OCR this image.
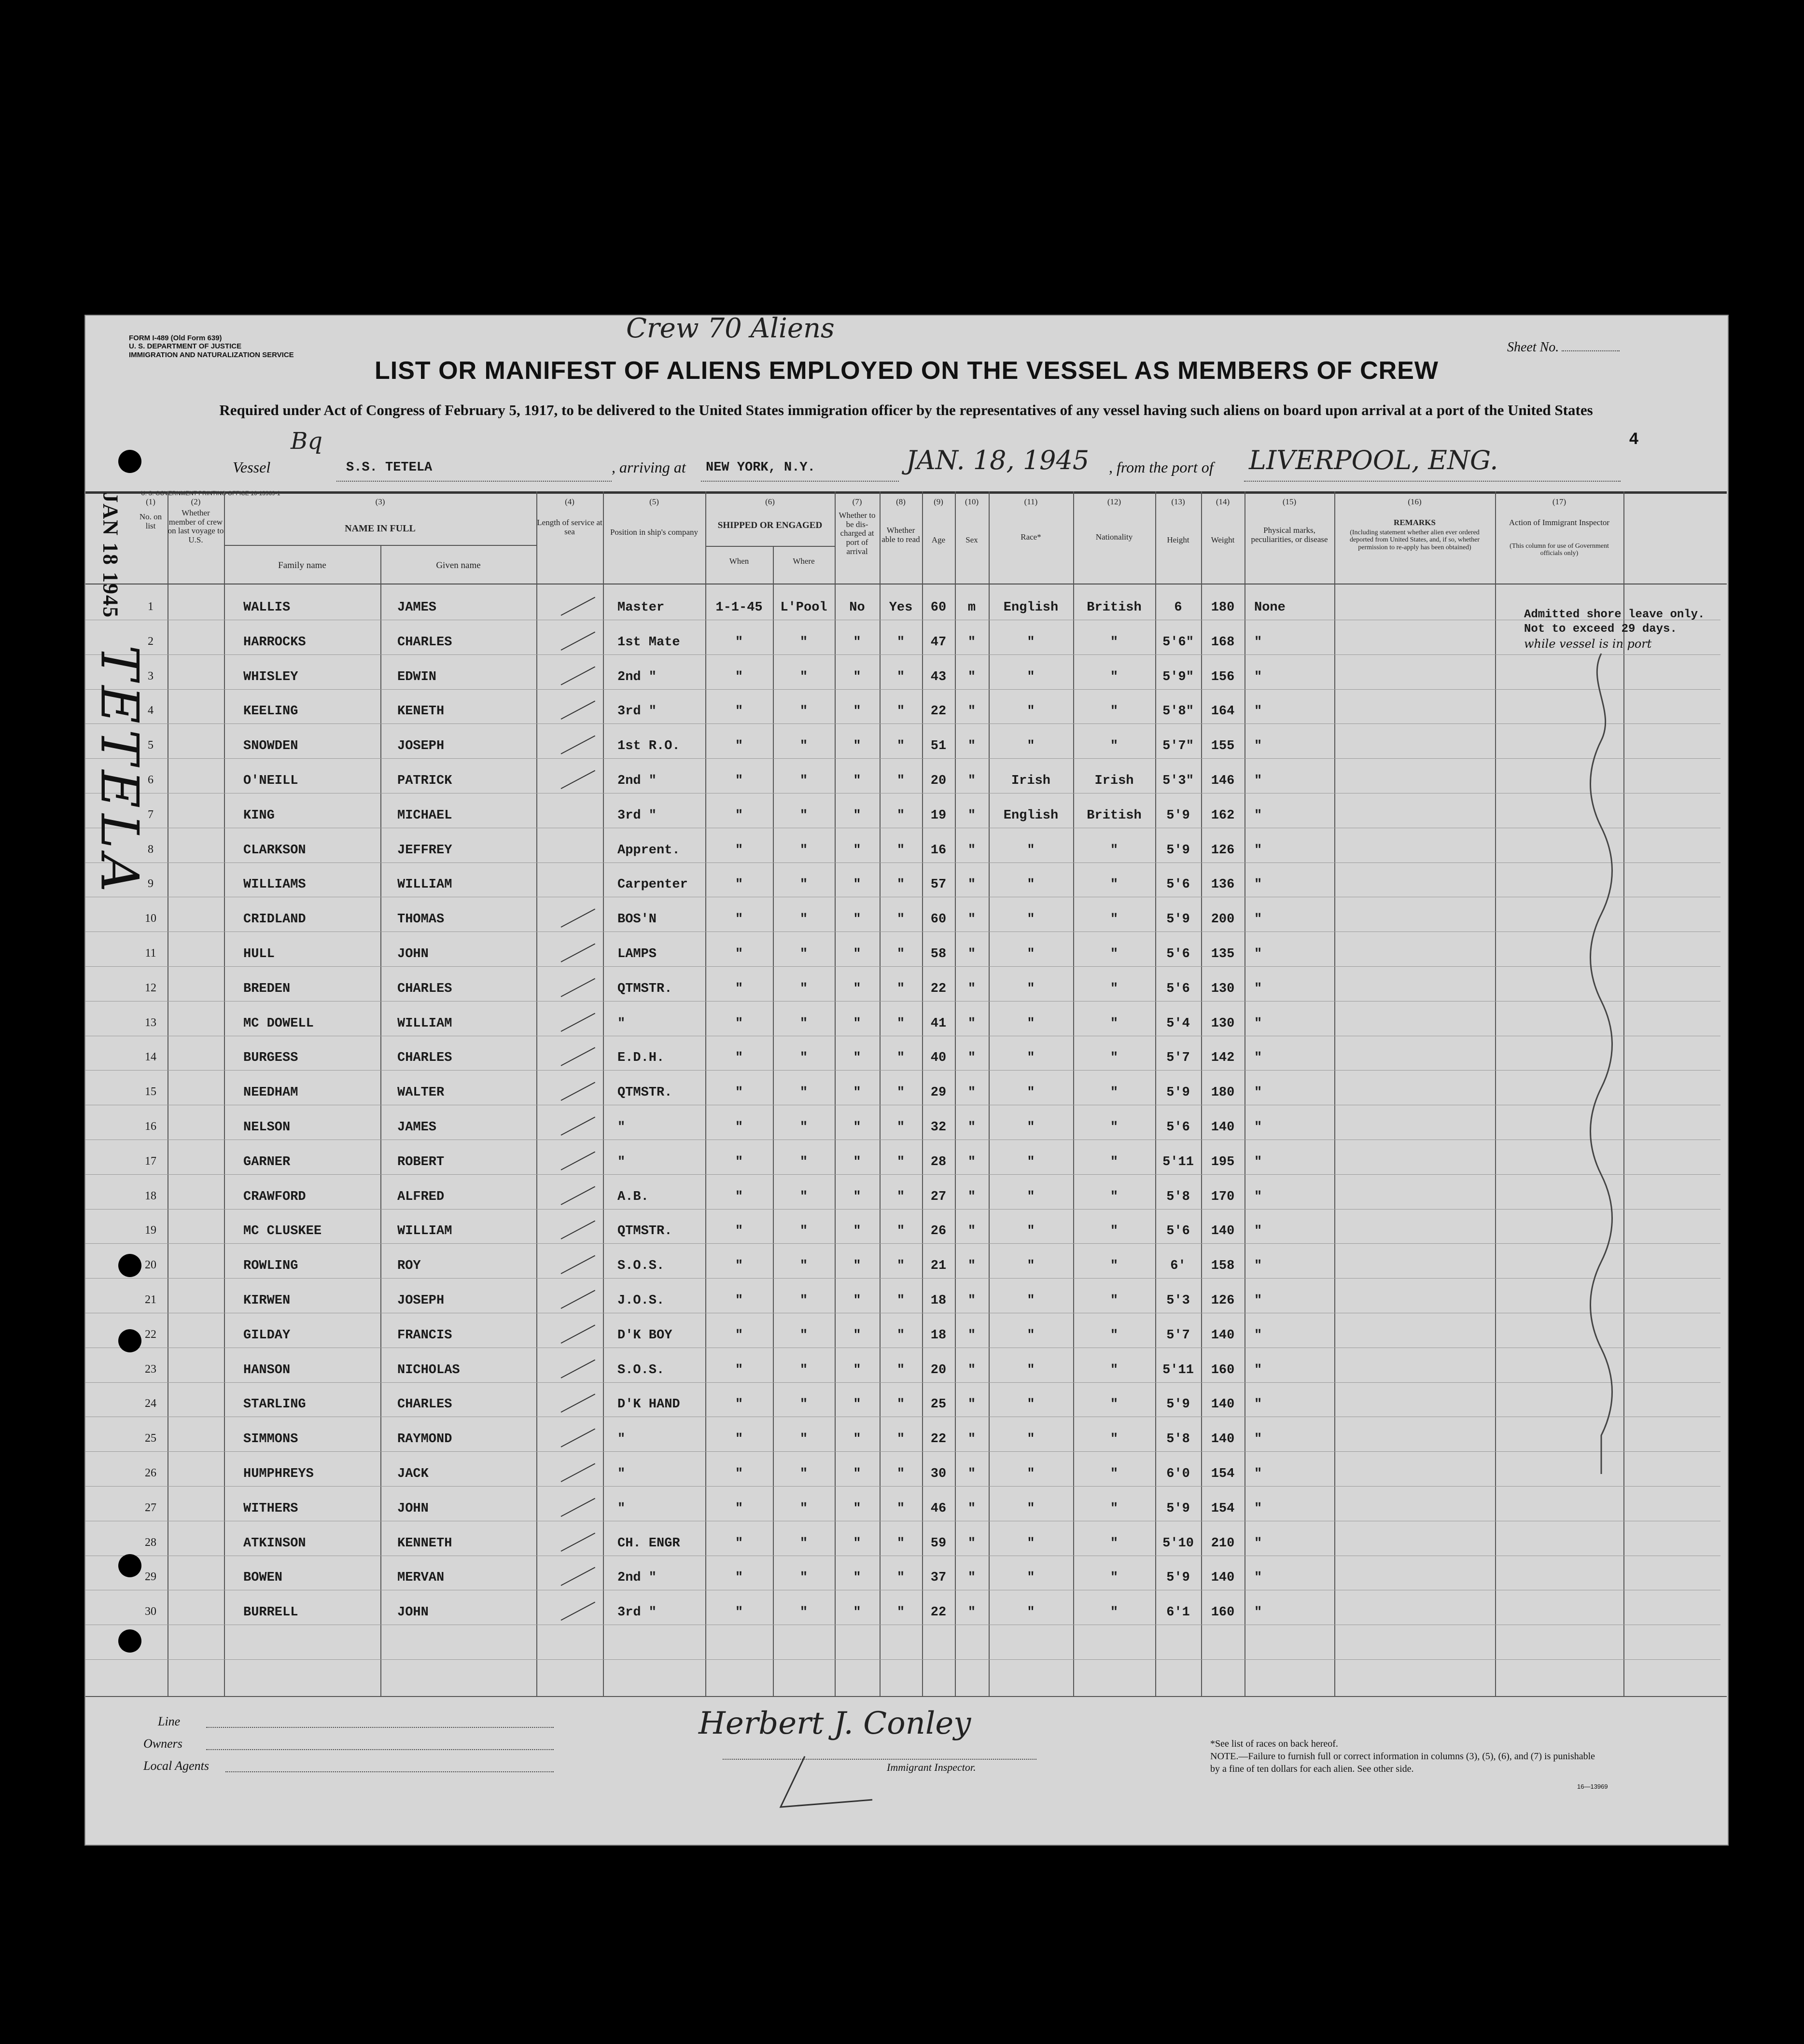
FORM I-489 (Old Form 639)
U. S. DEPARTMENT OF JUSTICE
IMMIGRATION AND NATURALIZATION SERVICE
Crew 70 Aliens
Sheet No.
LIST OR MANIFEST OF ALIENS EMPLOYED ON THE VESSEL AS MEMBERS OF CREW
Required under Act of Congress of February 5, 1917, to be delivered to the United States immigration officer by the representatives of any vessel having such aliens on board upon arrival at a port of the United States
Bq	4
Vessel	S.S. TETELA	, arriving at NEW YORK, N.Y.	JAN. 18, 1945 , from the port of LIVERPOOL, ENG.
(1)	(2)	(3)	(4)	(5)	(6)	(7)	(8)	(9)	(10)	(11)	(12)	(13)	(14)	(15)	(16)	(17)
No. on list
Whether member of crew on last voyage to U.S.
NAME IN FULL
Family name	Given name
Length of service at sea	Position in ship's company
SHIPPED OR ENGAGED
When	Where
Whether to be dis-charged at port of arrival
Whether able to read	Age	Sex	Race*	Nationality	Height	Weight
Physical marks, peculiarities, or disease
REMARKS
(Including statement whether alien ever ordered deported from United States, and, if so, whether permission to re-apply has been obtained)
Action of Immigrant Inspector
(This column for use of Government officials only)
1	WALLIS	JAMES	Master	1-1-45	L'Pool	No	Yes	60	m	English	British	6	180	None
2	HARROCKS	CHARLES	1st Mate	"	"	"	"	47	"	"	"	5'6"	168	"
3	WHISLEY	EDWIN	2nd "	"	"	"	"	43	"	"	"	5'9"	156	"
4	KEELING	KENETH	3rd "	"	"	"	"	22	"	"	"	5'8"	164	"
5	SNOWDEN	JOSEPH	1st R.O.	"	"	"	"	51	"	"	"	5'7"	155	"
6	O'NEILL	PATRICK	2nd "	"	"	"	"	20	"	Irish	Irish	5'3"	146	"
7	KING	MICHAEL	3rd "	"	"	"	"	19	"	English	British	5'9	162	"
8	CLARKSON	JEFFREY	Apprent.	"	"	"	"	16	"	"	"	5'9	126	"
9	WILLIAMS	WILLIAM	Carpenter	"	"	"	"	57	"	"	"	5'6	136	"
10	CRIDLAND	THOMAS	BOS'N	"	"	"	"	60	"	"	"	5'9	200	"
11	HULL	JOHN	LAMPS	"	"	"	"	58	"	"	"	5'6	135	"
12	BREDEN	CHARLES	QTMSTR.	"	"	"	"	22	"	"	"	5'6	130	"
13	MC DOWELL	WILLIAM	"	"	"	"	"	41	"	"	"	5'4	130	"
14	BURGESS	CHARLES	E.D.H.	"	"	"	"	40	"	"	"	5'7	142	"
15	NEEDHAM	WALTER	QTMSTR.	"	"	"	"	29	"	"	"	5'9	180	"
16	NELSON	JAMES	"	"	"	"	"	32	"	"	"	5'6	140	"
17	GARNER	ROBERT	"	"	"	"	"	28	"	"	"	5'11	195	"
18	CRAWFORD	ALFRED	A.B.	"	"	"	"	27	"	"	"	5'8	170	"
19	MC CLUSKEE	WILLIAM	QTMSTR.	"	"	"	"	26	"	"	"	5'6	140	"
20	ROWLING	ROY	S.O.S.	"	"	"	"	21	"	"	"	6'	158	"
21	KIRWEN	JOSEPH	J.O.S.	"	"	"	"	18	"	"	"	5'3	126	"
22	GILDAY	FRANCIS	D'K BOY	"	"	"	"	18	"	"	"	5'7	140	"
23	HANSON	NICHOLAS	S.O.S.	"	"	"	"	20	"	"	"	5'11	160	"
24	STARLING	CHARLES	D'K HAND	"	"	"	"	25	"	"	"	5'9	140	"
25	SIMMONS	RAYMOND	"	"	"	"	"	22	"	"	"	5'8	140	"
26	HUMPHREYS	JACK	"	"	"	"	"	30	"	"	"	6'0	154	"
27	WITHERS	JOHN	"	"	"	"	"	46	"	"	"	5'9	154	"
28	ATKINSON	KENNETH	CH. ENGR	"	"	"	"	59	"	"	"	5'10	210	"
29	BOWEN	MERVAN	2nd "	"	"	"	"	37	"	"	"	5'9	140	"
30	BURRELL	JOHN	3rd "	"	"	"	"	22	"	"	"	6'1	160	"
JAN 18 1945
TETELA
Admitted shore leave only.
Not to exceed 29 days.
while vessel is in port
Line
Owners
Local Agents
Herbert J. Conley
Immigrant Inspector.
*See list of races on back hereof.
NOTE.—Failure to furnish full or correct information in columns (3), (5), (6), and (7) is punishable by a fine of ten dollars for each alien. See other side.
16—13969
